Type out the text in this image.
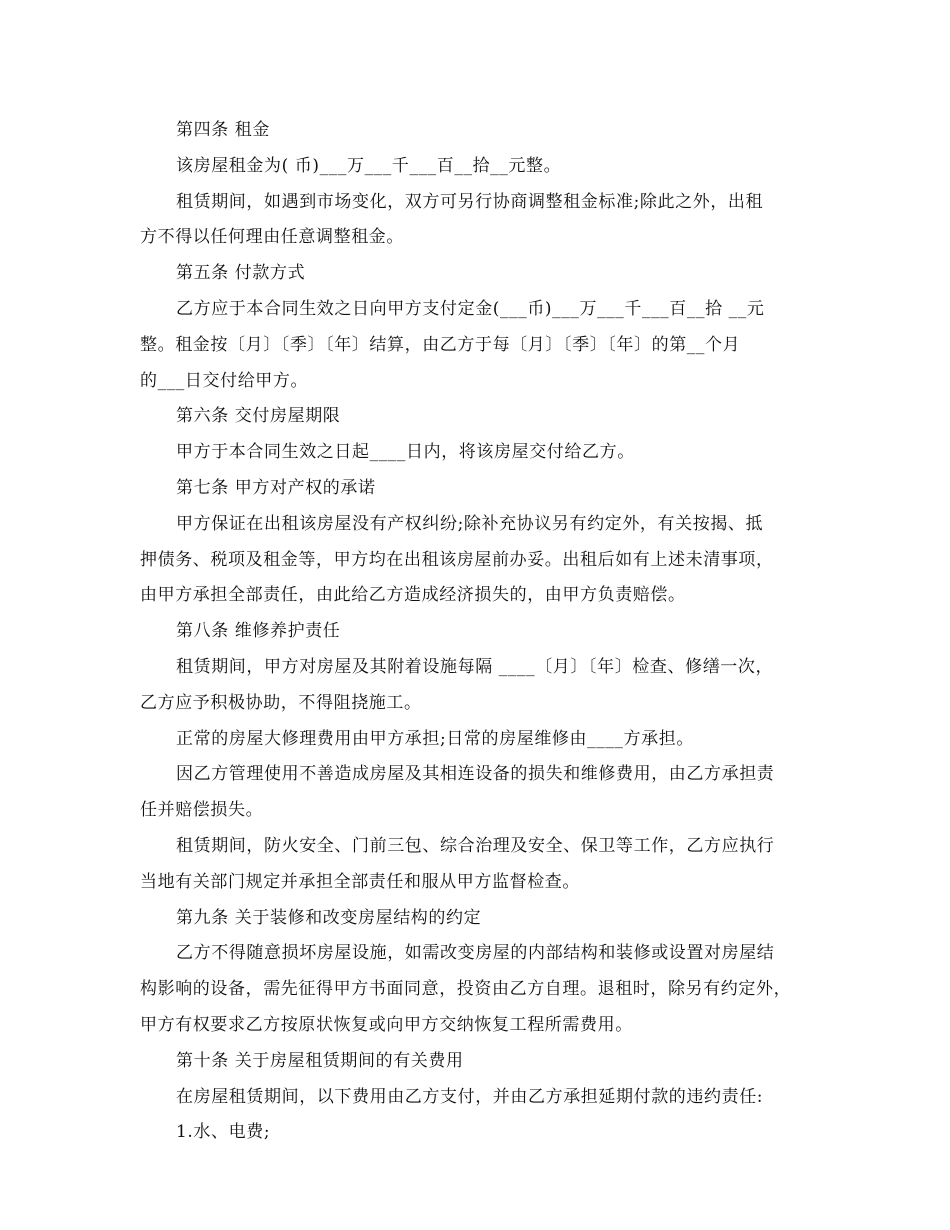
第四条 租金
该房屋租金为( 币)___万___千___百__拾__元整。
租赁期间，如遇到市场变化，双方可另行协商调整租金标准;除此之外，出租
方不得以任何理由任意调整租金。
第五条 付款方式
乙方应于本合同生效之日向甲方支付定金(___币)___万___千___百__拾 __元
整。租金按〔月〕〔季〕〔年〕结算，由乙方于每〔月〕〔季〕〔年〕的第__个月
的___日交付给甲方。
第六条 交付房屋期限
甲方于本合同生效之日起____日内，将该房屋交付给乙方。
第七条 甲方对产权的承诺
甲方保证在出租该房屋没有产权纠纷;除补充协议另有约定外，有关按揭、抵
押债务、税项及租金等，甲方均在出租该房屋前办妥。出租后如有上述未清事项，
由甲方承担全部责任，由此给乙方造成经济损失的，由甲方负责赔偿。
第八条 维修养护责任
租赁期间，甲方对房屋及其附着设施每隔 ____〔月〕〔年〕检查、修缮一次，
乙方应予积极协助，不得阻挠施工。
正常的房屋大修理费用由甲方承担;日常的房屋维修由____方承担。
因乙方管理使用不善造成房屋及其相连设备的损失和维修费用，由乙方承担责
任并赔偿损失。
租赁期间，防火安全、门前三包、综合治理及安全、保卫等工作，乙方应执行
当地有关部门规定并承担全部责任和服从甲方监督检查。
第九条 关于装修和改变房屋结构的约定
乙方不得随意损坏房屋设施，如需改变房屋的内部结构和装修或设置对房屋结
构影响的设备，需先征得甲方书面同意，投资由乙方自理。退租时，除另有约定外，
甲方有权要求乙方按原状恢复或向甲方交纳恢复工程所需费用。
第十条 关于房屋租赁期间的有关费用
在房屋租赁期间，以下费用由乙方支付，并由乙方承担延期付款的违约责任:
1.水、电费;
